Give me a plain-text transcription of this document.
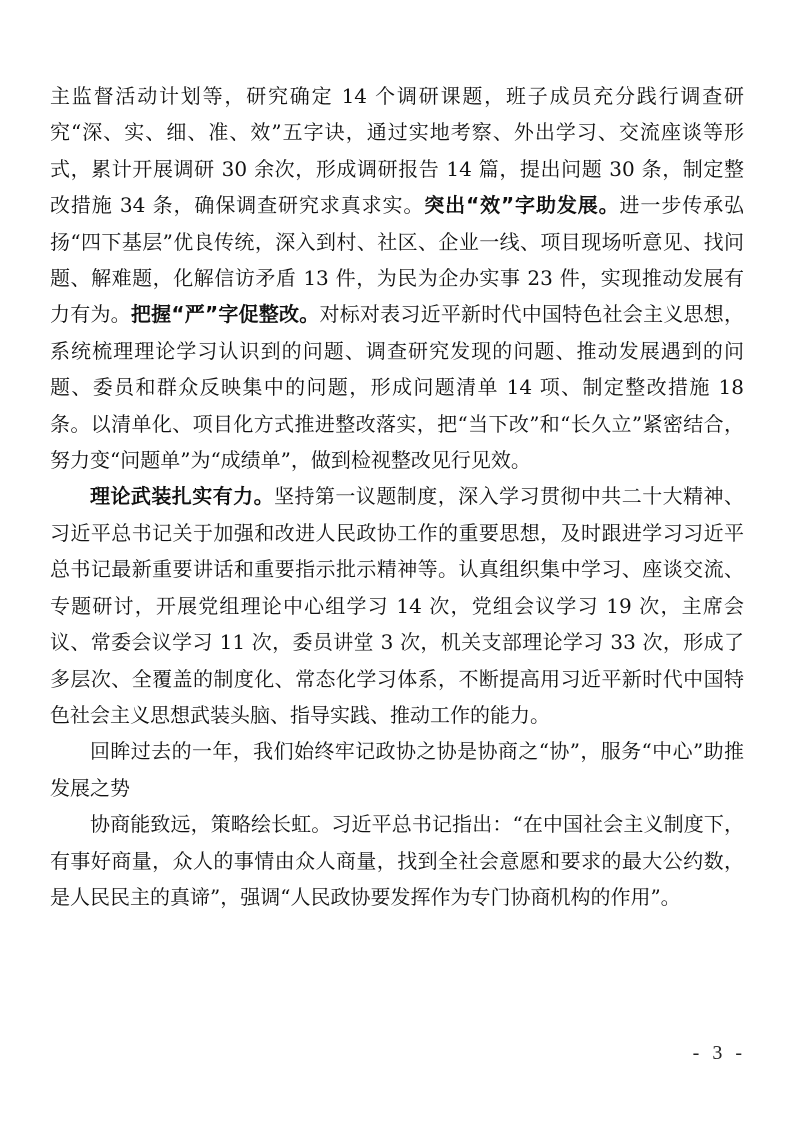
主监督活动计划等，研究确定 14 个调研课题，班子成员充分践行调查研究“深、实、细、准、效”五字诀，通过实地考察、外出学习、交流座谈等形式，累计开展调研 30 余次，形成调研报告 14 篇，提出问题 30 条，制定整改措施 34 条，确保调查研究求真求实。突出“效”字助发展。进一步传承弘扬“四下基层”优良传统，深入到村、社区、企业一线、项目现场听意见、找问题、解难题，化解信访矛盾 13 件，为民为企办实事 23 件，实现推动发展有力有为。把握“严”字促整改。对标对表习近平新时代中国特色社会主义思想，系统梳理理论学习认识到的问题、调查研究发现的问题、推动发展遇到的问题、委员和群众反映集中的问题，形成问题清单 14 项、制定整改措施 18 条。以清单化、项目化方式推进整改落实，把“当下改”和“长久立”紧密结合，努力变“问题单”为“成绩单”，做到检视整改见行见效。

理论武装扎实有力。坚持第一议题制度，深入学习贯彻中共二十大精神、习近平总书记关于加强和改进人民政协工作的重要思想，及时跟进学习习近平总书记最新重要讲话和重要指示批示精神等。认真组织集中学习、座谈交流、专题研讨，开展党组理论中心组学习 14 次，党组会议学习 19 次，主席会议、常委会议学习 11 次，委员讲堂 3 次，机关支部理论学习 33 次，形成了多层次、全覆盖的制度化、常态化学习体系，不断提高用习近平新时代中国特色社会主义思想武装头脑、指导实践、推动工作的能力。

回眸过去的一年，我们始终牢记政协之协是协商之“协”，服务“中心”助推发展之势

协商能致远，策略绘长虹。习近平总书记指出：“在中国社会主义制度下，有事好商量，众人的事情由众人商量，找到全社会意愿和要求的最大公约数，是人民民主的真谛”，强调“人民政协要发挥作为专门协商机构的作用”。

- 3 -
